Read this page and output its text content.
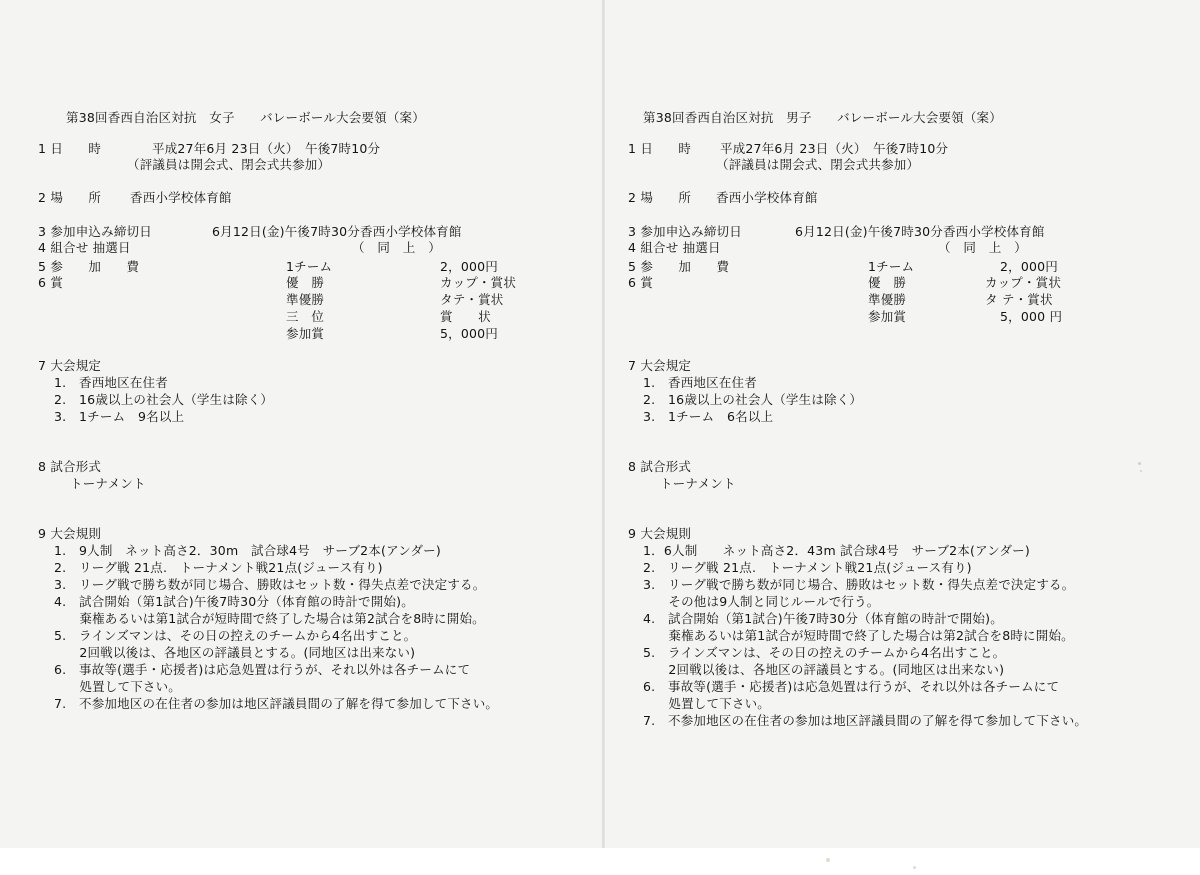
第38回香西自治区対抗　女子　　バレーボール大会要領（案）
1 日　　時	平成27年6月 23日（火）　午後7時10分
（評議員は開会式、閉会式共参加）
2 場　　所 香西小学校体育館
3 参加申込み締切日	6月12日(金)午後7時30分香西小学校体育館
4 組合せ 抽選日	（　同　上　）
5 参　　加　　費	1チーム	2，000円
6 賞	優　勝	カップ・賞状
準優勝	タテ・賞状
三　位	賞　　状
参加賞	5，000円
7 大会規定
1.　香西地区在住者
2.　16歳以上の社会人（学生は除く）
3.　1チーム　9名以上
8 試合形式
トーナメント
9 大会規則
1.　9人制　ネット高さ2．30m　試合球4号　サーブ2本(アンダー)
2.　リーグ戦 21点.　トーナメント戦21点(ジュース有り)
3.　リーグ戦で勝ち数が同じ場合、勝敗はセット数・得失点差で決定する。
4.　試合開始（第1試合)午後7時30分（体育館の時計で開始)。
　　棄権あるいは第1試合が短時間で終了した場合は第2試合を8時に開始。
5.　ラインズマンは、その日の控えのチームから4名出すこと。
　　2回戦以後は、各地区の評議員とする。(同地区は出来ない)
6.　事故等(選手・応援者)は応急処置は行うが、それ以外は各チームにて
　　処置して下さい。
7.　不参加地区の在住者の参加は地区評議員間の了解を得て参加して下さい。
第38回香西自治区対抗　男子　　バレーボール大会要領（案）
1 日　　時 平成27年6月 23日（火）　午後7時10分
（評議員は開会式、閉会式共参加）
2 場　　所 香西小学校体育館
3 参加申込み締切日	6月12日(金)午後7時30分香西小学校体育館
4 組合せ 抽選日	（　同　上　）
5 参　　加　　費	1チーム	2，000円
6 賞	優　勝	カップ・賞状
準優勝	タ テ・賞状
参加賞	5，000 円
7 大会規定
1.　香西地区在住者
2.　16歳以上の社会人（学生は除く）
3.　1チーム　6名以上
8 試合形式
トーナメント
9 大会規則
1．6人制　　ネット高さ2．43m 試合球4号　サーブ2本(アンダー)
2.　リーグ戦 21点.　トーナメント戦21点(ジュース有り)
3.　リーグ戦で勝ち数が同じ場合、勝敗はセット数・得失点差で決定する。
　　その他は9人制と同じルールで行う。
4.　試合開始（第1試合)午後7時30分（体育館の時計で開始)。
　　棄権あるいは第1試合が短時間で終了した場合は第2試合を8時に開始。
5.　ラインズマンは、その日の控えのチームから4名出すこと。
　　2回戦以後は、各地区の評議員とする。(同地区は出来ない)
6.　事故等(選手・応援者)は応急処置は行うが、それ以外は各チームにて
　　処置して下さい。
7.　不参加地区の在住者の参加は地区評議員間の了解を得て参加して下さい。
